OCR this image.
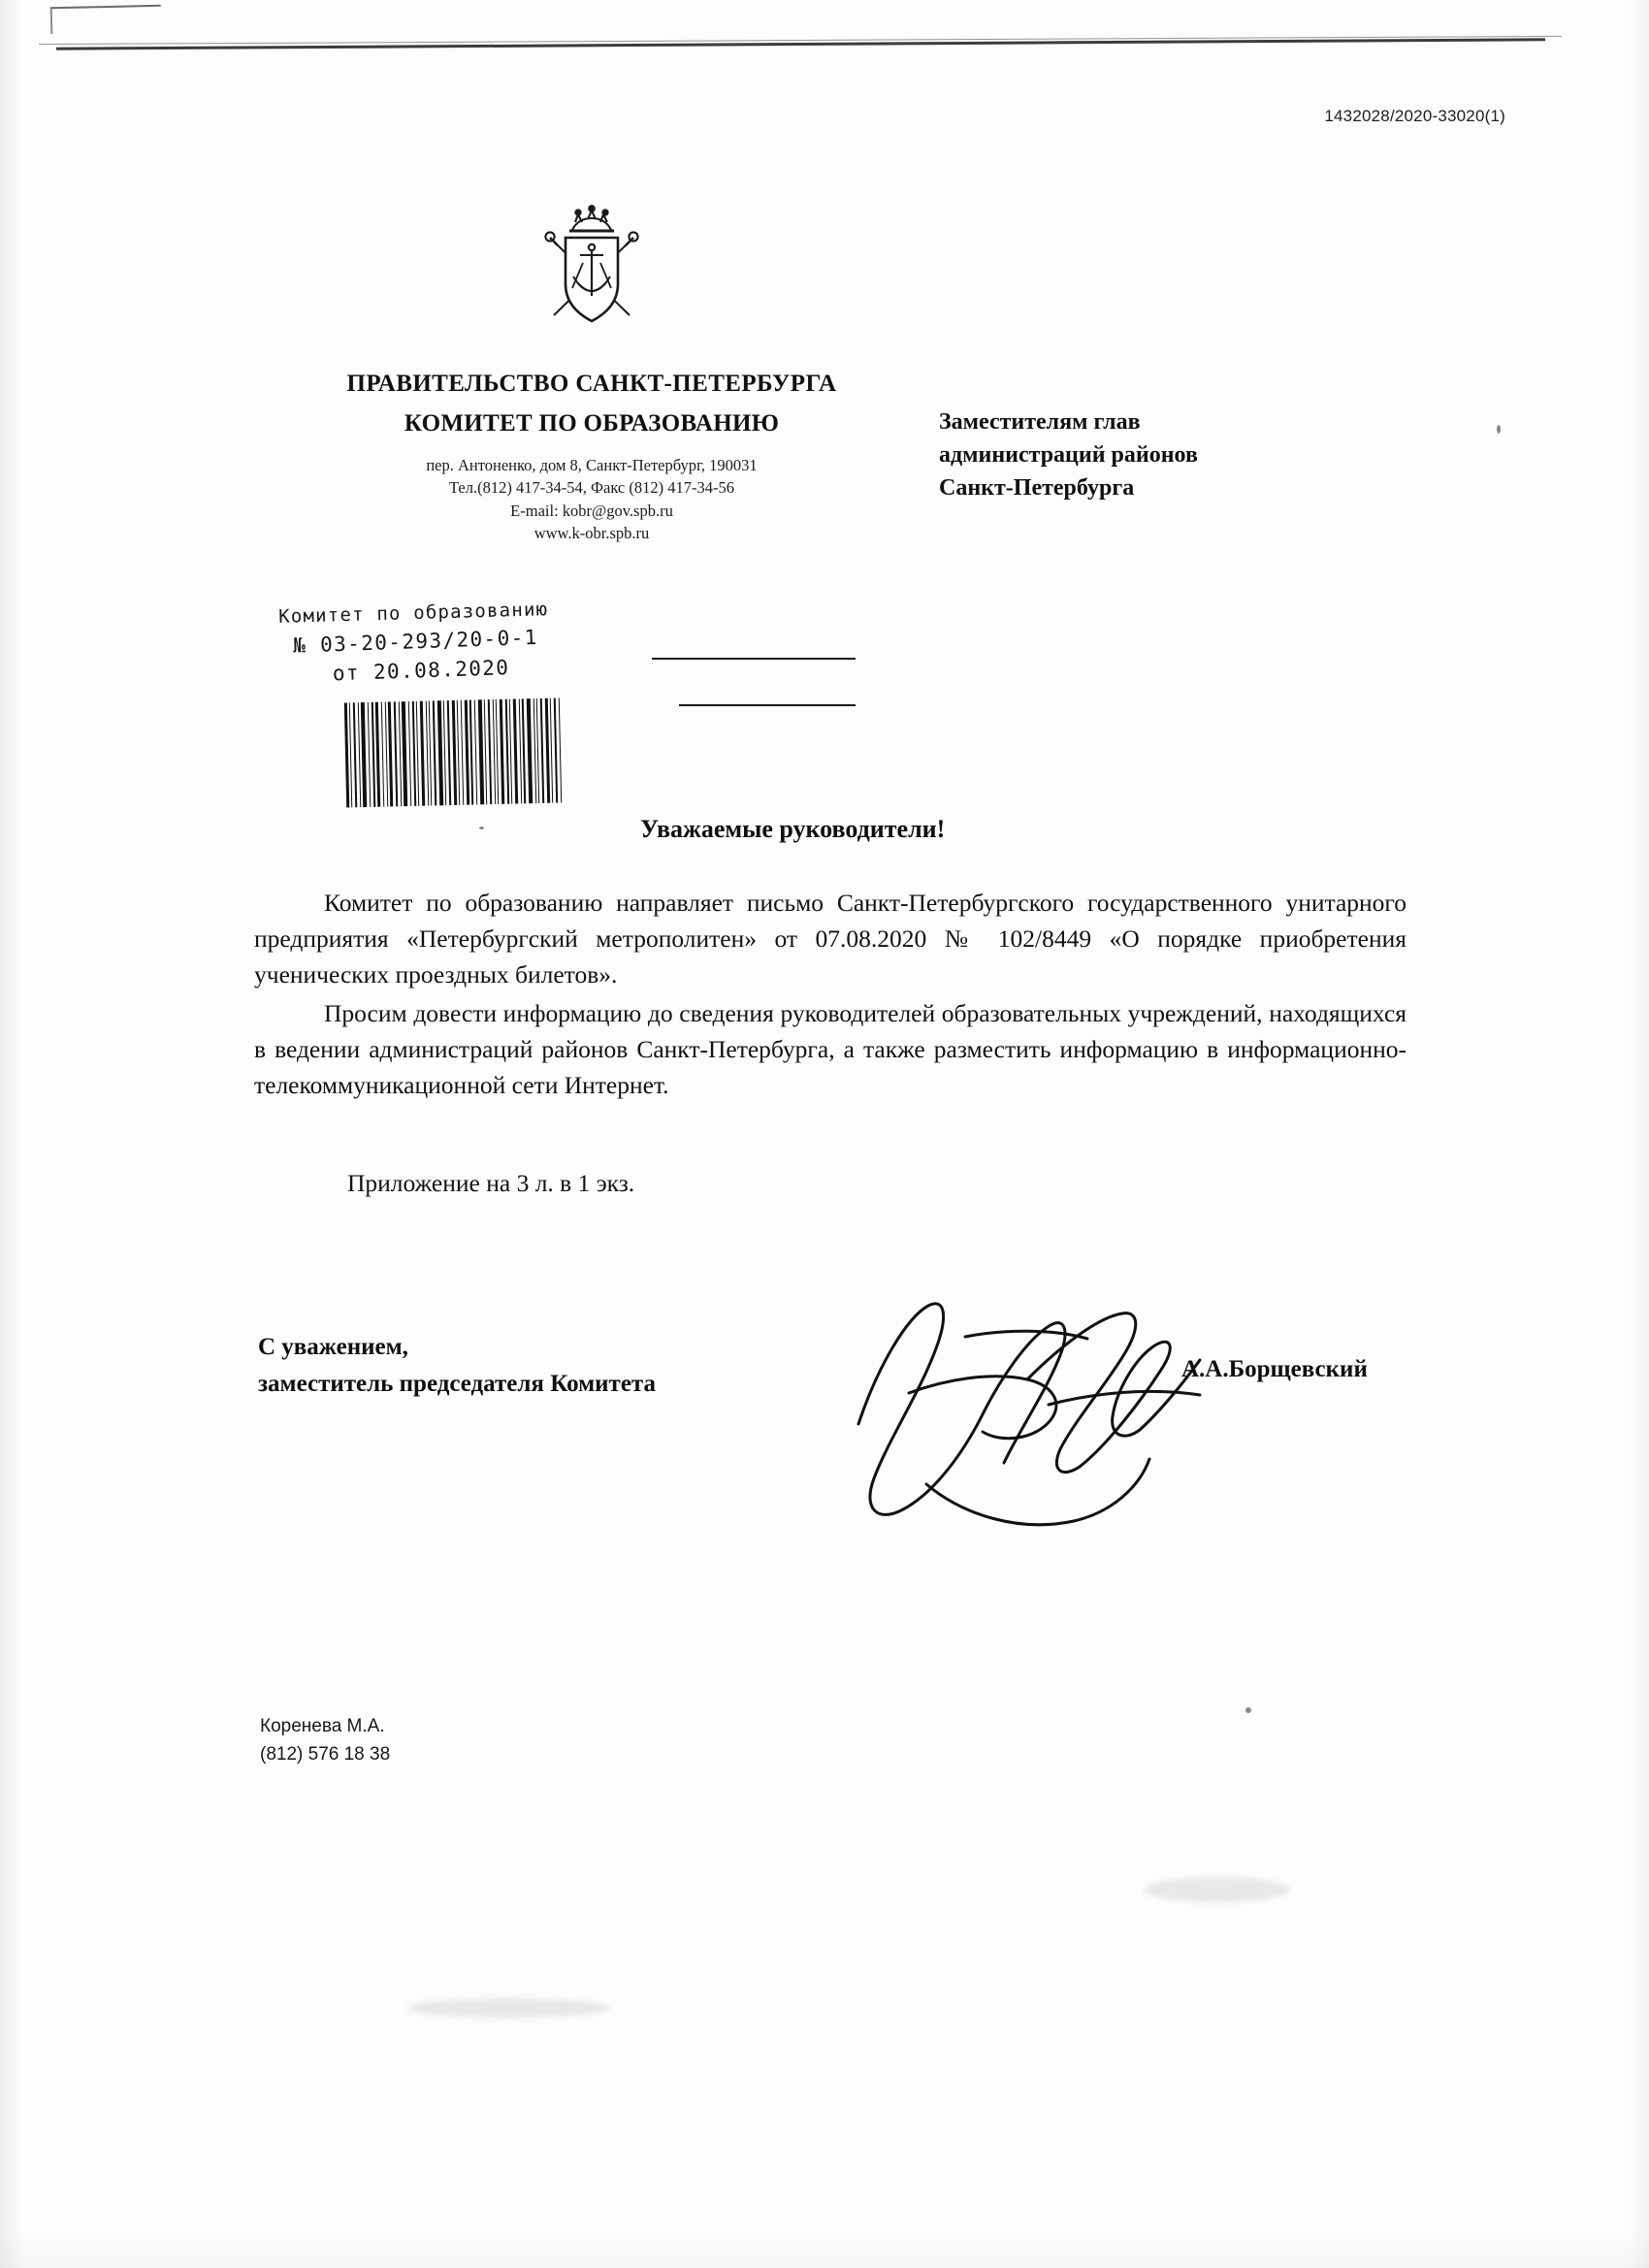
1432028/2020-33020(1)
ПРАВИТЕЛЬСТВО САНКТ-ПЕТЕРБУРГА
КОМИТЕТ ПО ОБРАЗОВАНИЮ
пер. Антоненко, дом 8, Санкт-Петербург, 190031
Тел.(812) 417-34-54, Факс (812) 417-34-56
E-mail: kobr@gov.spb.ru
www.k-obr.spb.ru
Заместителям глав
администраций районов
Санкт-Петербурга
Комитет по образованию
№ 03-20-293/20-0-1
от 20.08.2020
Уважаемые руководители!

Комитет по образованию направляет письмо Санкт-Петербургского государственного унитарного предприятия «Петербургский метрополитен» от 07.08.2020 № 102/8449 «О порядке приобретения ученических проездных билетов».

Просим довести информацию до сведения руководителей образовательных учреждений, находящихся в ведении администраций районов Санкт-Петербурга, а также разместить информацию в информационно-телекоммуникационной сети Интернет.

Приложение на 3 л. в 1 экз.
С уважением,
заместитель председателя Комитета
А.А.Борщевский
Коренева М.А.
(812) 576 18 38
